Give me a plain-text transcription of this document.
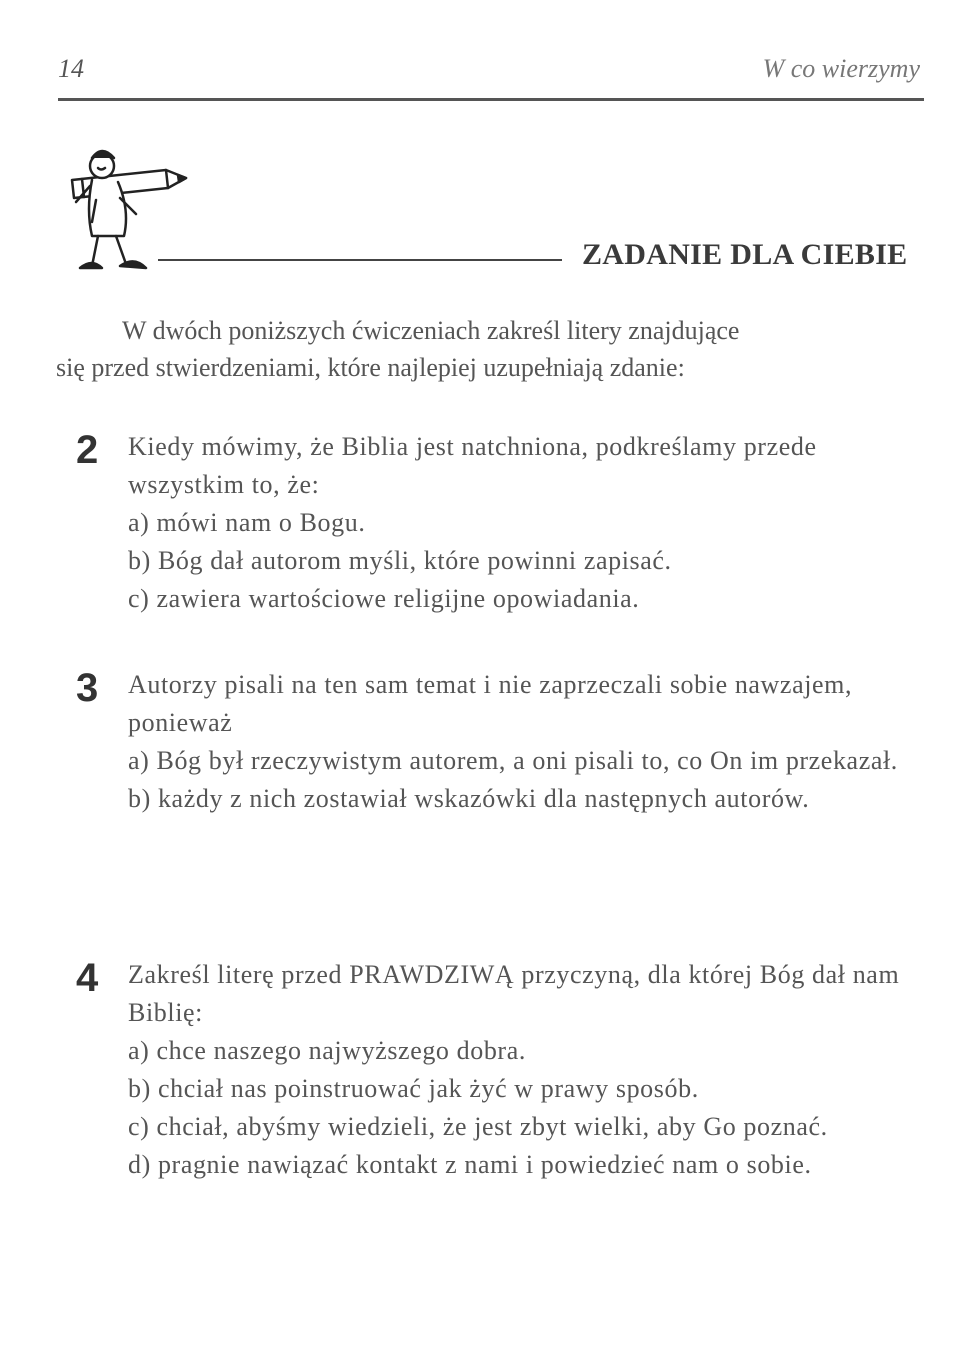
14	W co wierzymy
ZADANIE DLA CIEBIE
W dwóch poniższych ćwiczeniach zakreśl litery znajdujące
się przed stwierdzeniami, które najlepiej uzupełniają zdanie:
2 Kiedy mówimy, że Biblia jest natchniona, podkreślamy przede wszystkim to, że:
a) mówi nam o Bogu.
b) Bóg dał autorom myśli, które powinni zapisać.
c) zawiera wartościowe religijne opowiadania.
3 Autorzy pisali na ten sam temat i nie zaprzeczali sobie nawzajem, ponieważ
a) Bóg był rzeczywistym autorem, a oni pisali to, co On im przekazał.
b) każdy z nich zostawiał wskazówki dla następnych autorów.
4 Zakreśl literę przed PRAWDZIWĄ przyczyną, dla której Bóg dał nam Biblię:
a) chce naszego najwyższego dobra.
b) chciał nas poinstruować jak żyć w prawy sposób.
c) chciał, abyśmy wiedzieli, że jest zbyt wielki, aby Go poznać.
d) pragnie nawiązać kontakt z nami i powiedzieć nam o sobie.
